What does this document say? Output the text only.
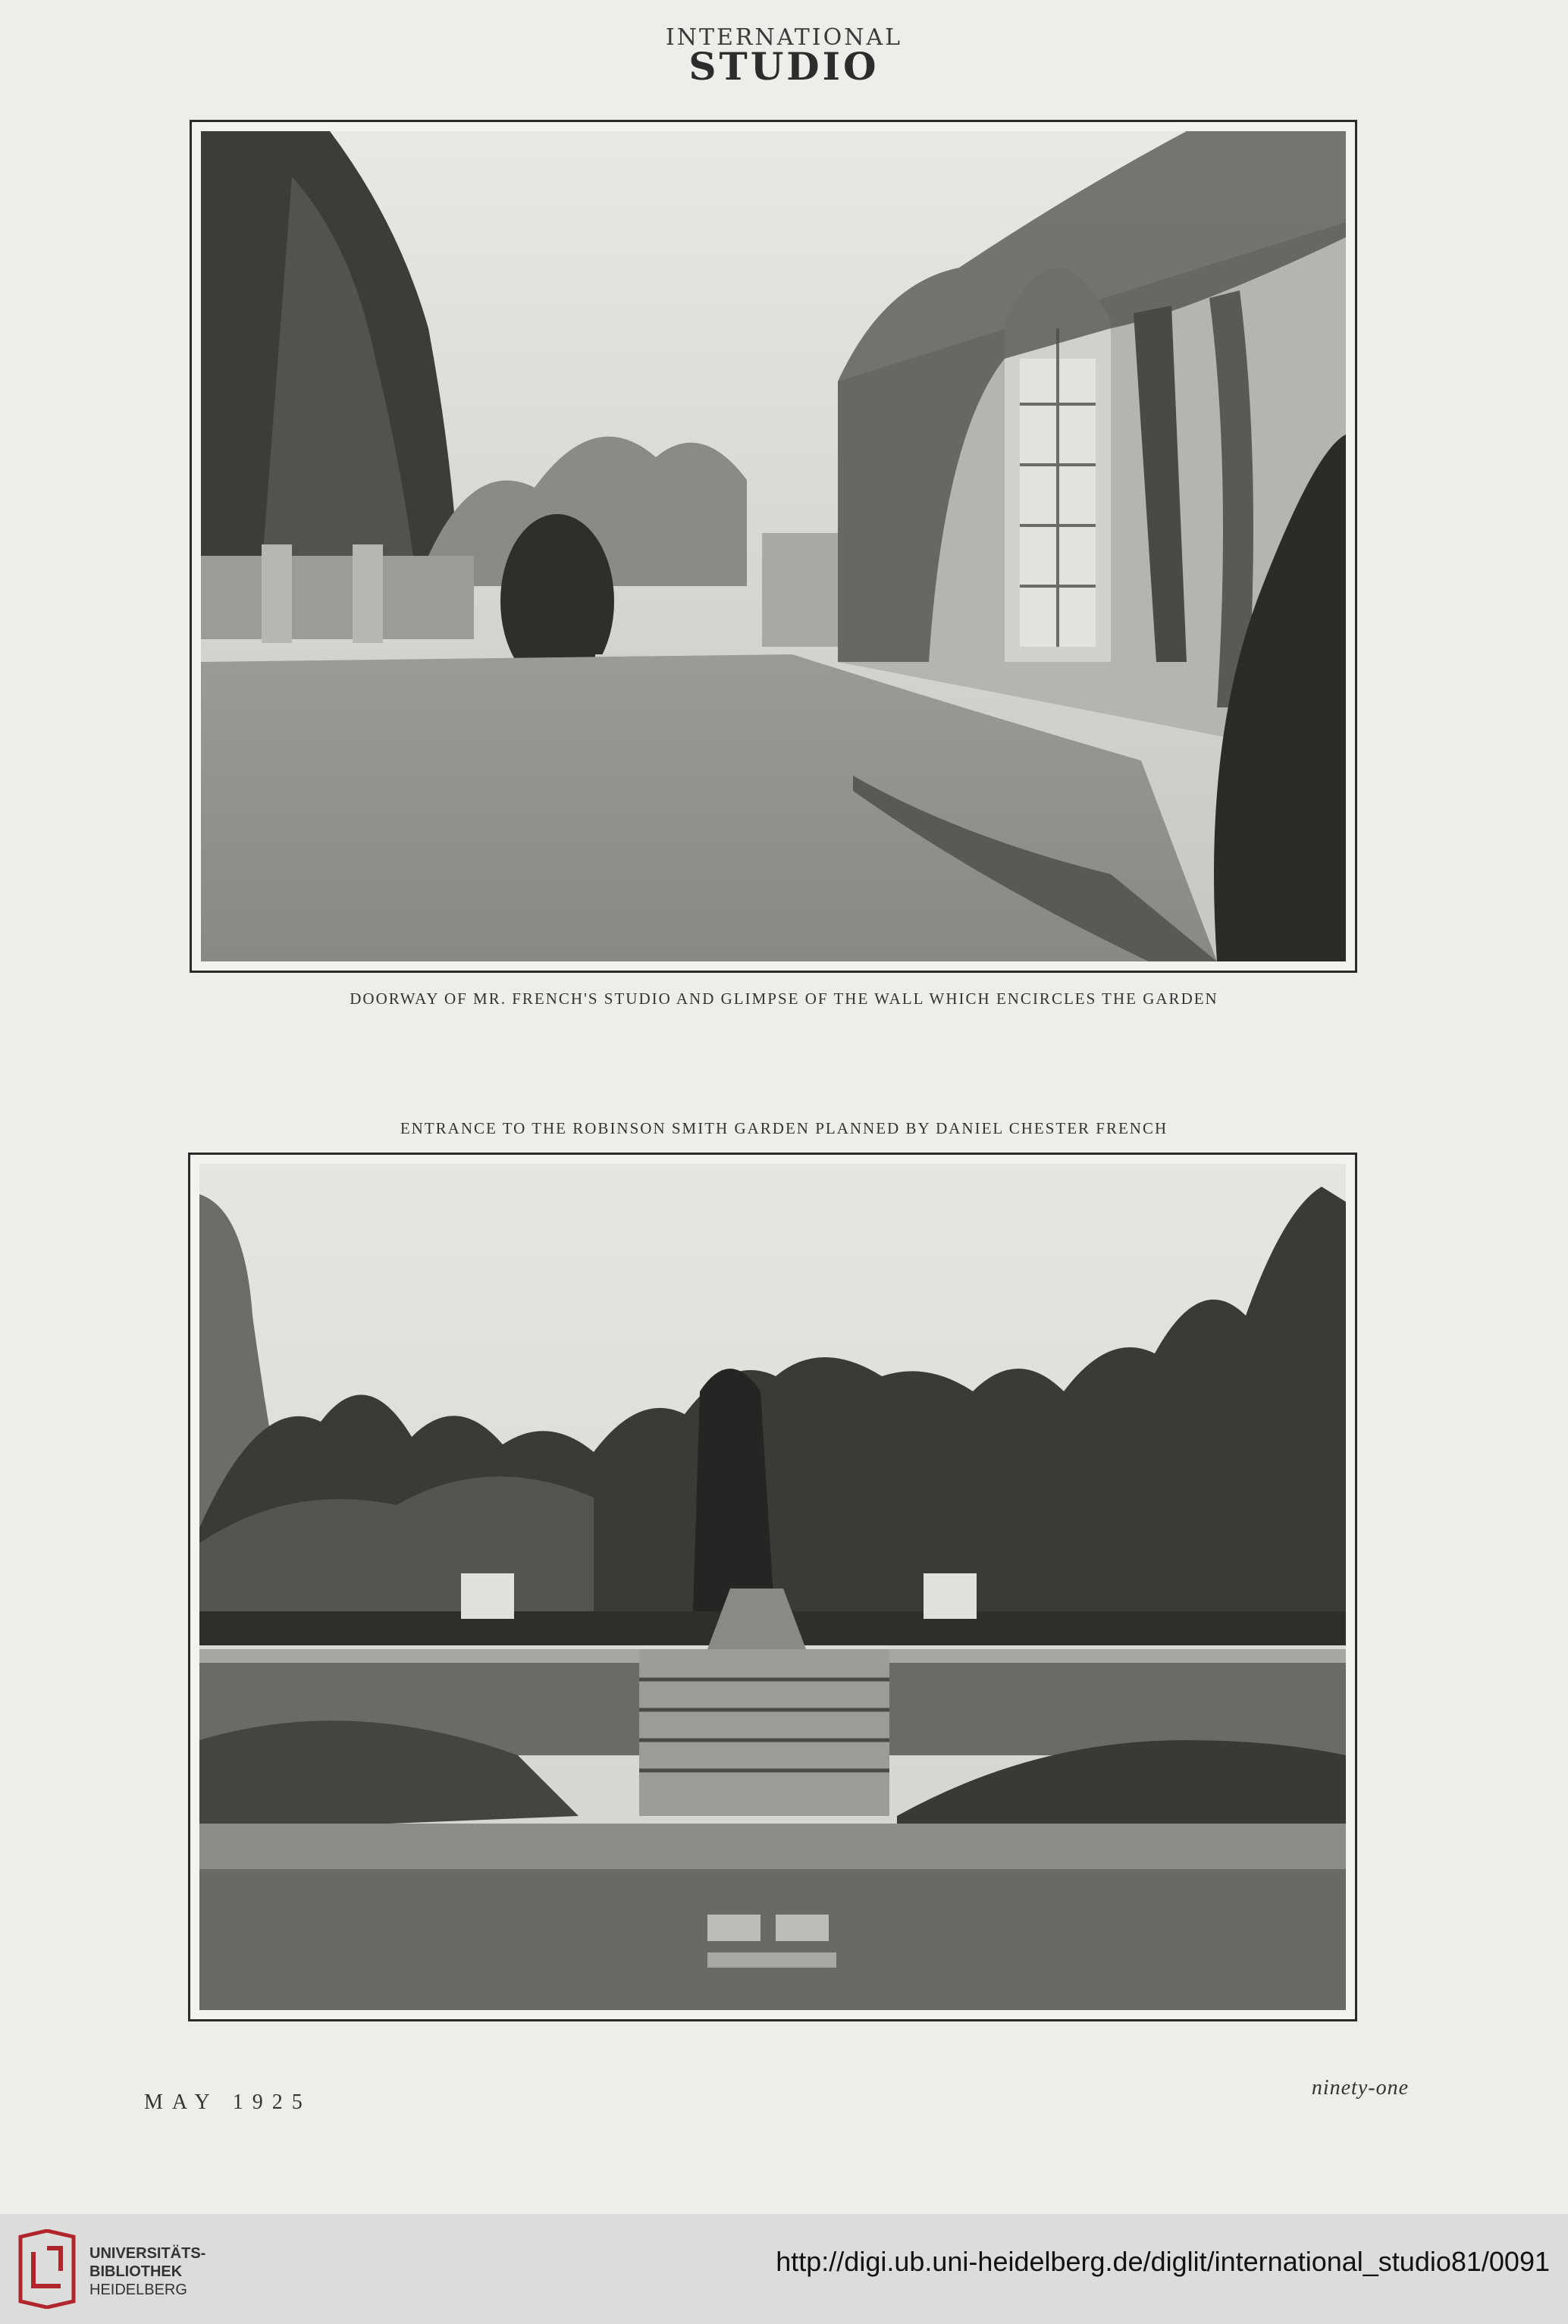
INTERNATIONAL
STUDIO
DOORWAY OF MR. FRENCH'S STUDIO AND GLIMPSE OF THE WALL WHICH ENCIRCLES THE GARDEN
ENTRANCE TO THE ROBINSON SMITH GARDEN PLANNED BY DANIEL CHESTER FRENCH
MAY 1925
ninety-one
UNIVERSITÄTS-
BIBLIOTHEK
HEIDELBERG
http://digi.ub.uni-heidelberg.de/diglit/international_studio81/0091
